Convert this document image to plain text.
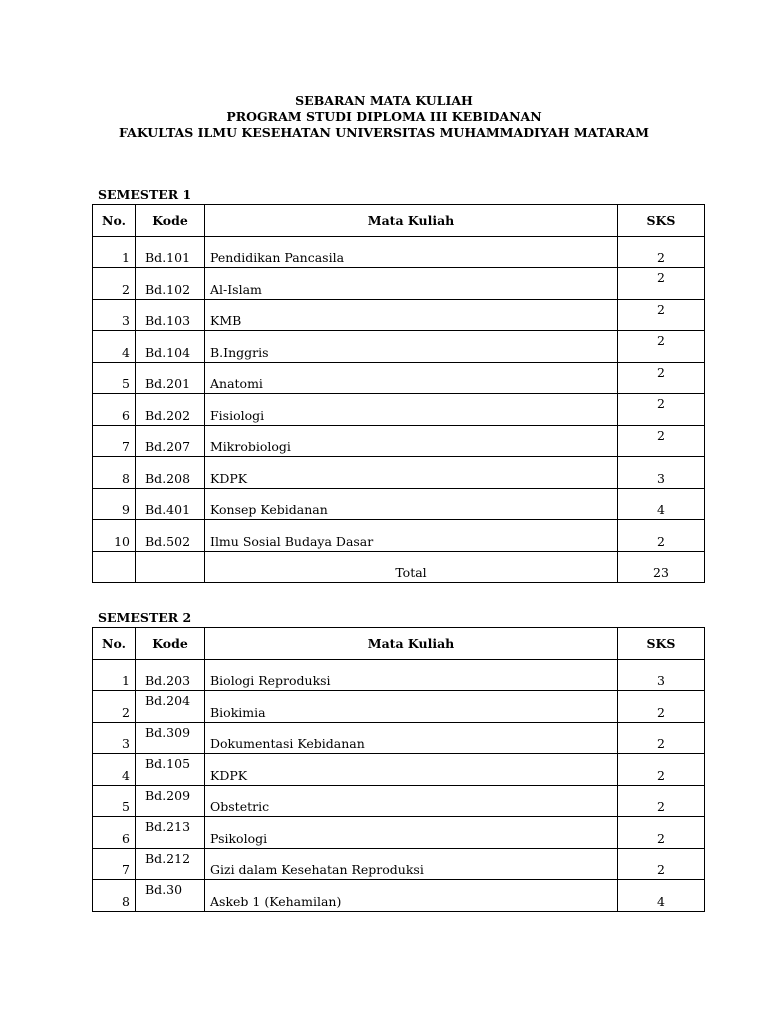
SEBARAN MATA KULIAH
PROGRAM STUDI DIPLOMA III KEBIDANAN
FAKULTAS ILMU KESEHATAN UNIVERSITAS MUHAMMADIYAH MATARAM
SEMESTER 1
No.	Kode	Mata Kuliah	SKS
1	Bd.101	Pendidikan Pancasila	2
2	Bd.102	Al-Islam	2
3	Bd.103	KMB	2
4	Bd.104	B.Inggris	2
5	Bd.201	Anatomi	2
6	Bd.202	Fisiologi	2
7	Bd.207	Mikrobiologi	2
8	Bd.208	KDPK	3
9	Bd.401	Konsep Kebidanan	4
10	Bd.502	Ilmu Sosial Budaya Dasar	2
		Total	23
SEMESTER 2
No.	Kode	Mata Kuliah	SKS
1	Bd.203	Biologi Reproduksi	3
2	Bd.204	Biokimia	2
3	Bd.309	Dokumentasi Kebidanan	2
4	Bd.105	KDPK	2
5	Bd.209	Obstetric	2
6	Bd.213	Psikologi	2
7	Bd.212	Gizi dalam Kesehatan Reproduksi	2
8	Bd.30	Askeb 1 (Kehamilan)	4
